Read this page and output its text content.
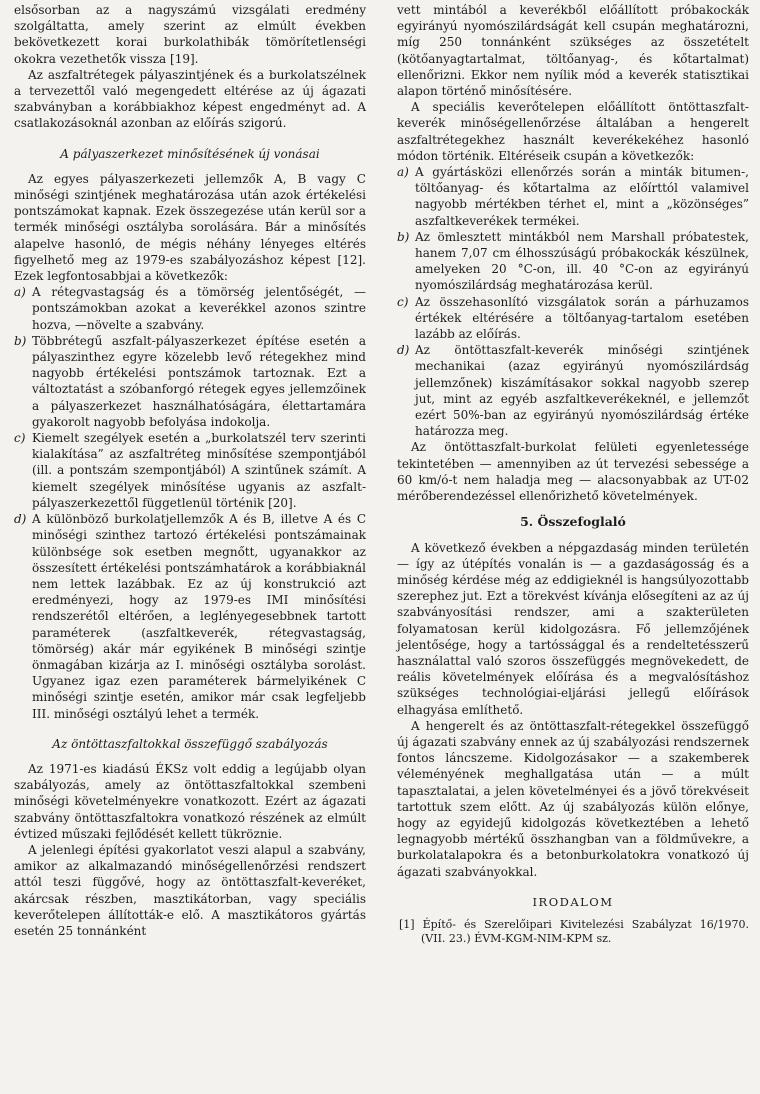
elsősorban az a nagyszámú vizsgálati eredmény szolgáltatta, amely szerint az elmúlt években bekövetkezett korai burkolathibák tömörítetlenségi okokra vezethetők vissza [19].

Az aszfaltrétegek pályaszintjének és a burkolatszélnek a tervezettől való megengedett eltérése az új ágazati szabványban a korábbiakhoz képest engedményt ad. A csatlakozásoknál azonban az előírás szigorú.

A pályaszerkezet minősítésének új vonásai

Az egyes pályaszerkezeti jellemzők A, B vagy C minőségi szintjének meghatározása után azok értékelési pontszámokat kapnak. Ezek összegezése után kerül sor a termék minőségi osztályba sorolására. Bár a minősítés alapelve hasonló, de mégis néhány lényeges eltérés figyelhető meg az 1979-es szabályozáshoz képest [12]. Ezek legfontosabbjai a következők:

a) A rétegvastagság és a tömörség jelentőségét, — pontszámokban azokat a keverékkel azonos szintre hozva, —növelte a szabvány.
b) Többrétegű aszfalt-pályaszerkezet építése esetén a pályaszinthez egyre közelebb levő rétegekhez mind nagyobb értékelési pontszámok tartoznak. Ezt a változtatást a szóbanforgó rétegek egyes jellemzőinek a pályaszerkezet használhatóságára, élettartamára gyakorolt nagyobb befolyása indokolja.
c) Kiemelt szegélyek esetén a „burkolatszél terv szerinti kialakítása” az aszfaltréteg minősítése szempontjából (ill. a pontszám szempontjából) A szintűnek számít. A kiemelt szegélyek minősítése ugyanis az aszfalt-pályaszerkezettől függetlenül történik [20].
d) A különböző burkolatjellemzők A és B, illetve A és C minőségi szinthez tartozó értékelési pontszámainak különbsége sok esetben megnőtt, ugyanakkor az összesített értékelési pontszámhatárok a korábbiaknál nem lettek lazábbak. Ez az új konstrukció azt eredményezi, hogy az 1979-es IMI minősítési rendszerétől eltérően, a leglényegesebbnek tartott paraméterek (aszfaltkeverék, rétegvastagság, tömörség) akár már egyikének B minőségi szintje önmagában kizárja az I. minőségi osztályba sorolást. Ugyanez igaz ezen paraméterek bármelyikének C minőségi szintje esetén, amikor már csak legfeljebb III. minőségi osztályú lehet a termék.
Az öntöttaszfaltokkal összefüggő szabályozás

Az 1971-es kiadású ÉKSz volt eddig a legújabb olyan szabályozás, amely az öntöttaszfaltokkal szembeni minőségi követelményekre vonatkozott. Ezért az ágazati szabvány öntöttaszfaltokra vonatkozó részének az elmúlt évtized műszaki fejlődését kellett tükröznie.

A jelenlegi építési gyakorlatot veszi alapul a szabvány, amikor az alkalmazandó minőségellenőrzési rendszert attól teszi függővé, hogy az öntöttaszfalt-keveréket, akárcsak részben, masztikátorban, vagy speciális keverőtelepen állították-e elő. A masztikátoros gyártás esetén 25 tonnánként

vett mintából a keverékből előállított próbakockák egyirányú nyomószilárdságát kell csupán meghatározni, míg 250 tonnánként szükséges az összetételt (kötőanyagtartalmat, töltőanyag-, és kőtartalmat) ellenőrizni. Ekkor nem nyílik mód a keverék statisztikai alapon történő minősítésére.

A speciális keverőtelepen előállított öntöttaszfalt-keverék minőségellenőrzése általában a hengerelt aszfaltrétegekhez használt keverékekéhez hasonló módon történik. Eltéréseik csupán a következők:

a) A gyártásközi ellenőrzés során a minták bitumen-, töltőanyag- és kőtartalma az előírttól valamivel nagyobb mértékben térhet el, mint a „közönséges” aszfaltkeverékek termékei.
b) Az ömlesztett mintákból nem Marshall próbatestek, hanem 7,07 cm élhosszúságú próbakockák készülnek, amelyeken 20 °C-on, ill. 40 °C-on az egyirányú nyomószilárdság meghatározása kerül.
c) Az összehasonlító vizsgálatok során a párhuzamos értékek eltérésére a töltőanyag-tartalom esetében lazább az előírás.
d) Az öntöttaszfalt-keverék minőségi szintjének mechanikai (azaz egyirányú nyomószilárdság jellemzőnek) kiszámításakor sokkal nagyobb szerep jut, mint az egyéb aszfaltkeverékeknél, e jellemzőt ezért 50%-ban az egyirányú nyomószilárdság értéke határozza meg.

Az öntöttaszfalt-burkolat felületi egyenletessége tekintetében — amennyiben az út tervezési sebessége a 60 km/ó-t nem haladja meg — alacsonyabbak az UT-02 mérőberendezéssel ellenőrizhető követelmények.

5. Összefoglaló

A következő években a népgazdaság minden területén — így az útépítés vonalán is — a gazdaságosság és a minőség kérdése még az eddigieknél is hangsúlyozottabb szerephez jut. Ezt a törekvést kívánja elősegíteni az az új szabványosítási rendszer, ami a szakterületen folyamatosan kerül kidolgozásra. Fő jellemzőjének jelentősége, hogy a tartóssággal és a rendeltetésszerű használattal való szoros összefüggés megnövekedett, de reális követelmények előírása és a megvalósításhoz szükséges technológiai-eljárási jellegű előírások elhagyása említhető.

A hengerelt és az öntöttaszfalt-rétegekkel összefüggő új ágazati szabvány ennek az új szabályozási rendszernek fontos láncszeme. Kidolgozásakor — a szakemberek véleményének meghallgatása után — a múlt tapasztalatai, a jelen követelményei és a jövő törekvéseit tartottuk szem előtt. Az új szabályozás külön előnye, hogy az egyidejű kidolgozás következtében a lehető legnagyobb mértékű összhangban van a földművekre, a burkolatalapokra és a betonburkolatokra vonatkozó új ágazati szabványokkal.

IRODALOM

[1] Építő- és Szerelőipari Kivitelezési Szabályzat 16/1970. (VII. 23.) ÉVM-KGM-NIM-KPM sz.
